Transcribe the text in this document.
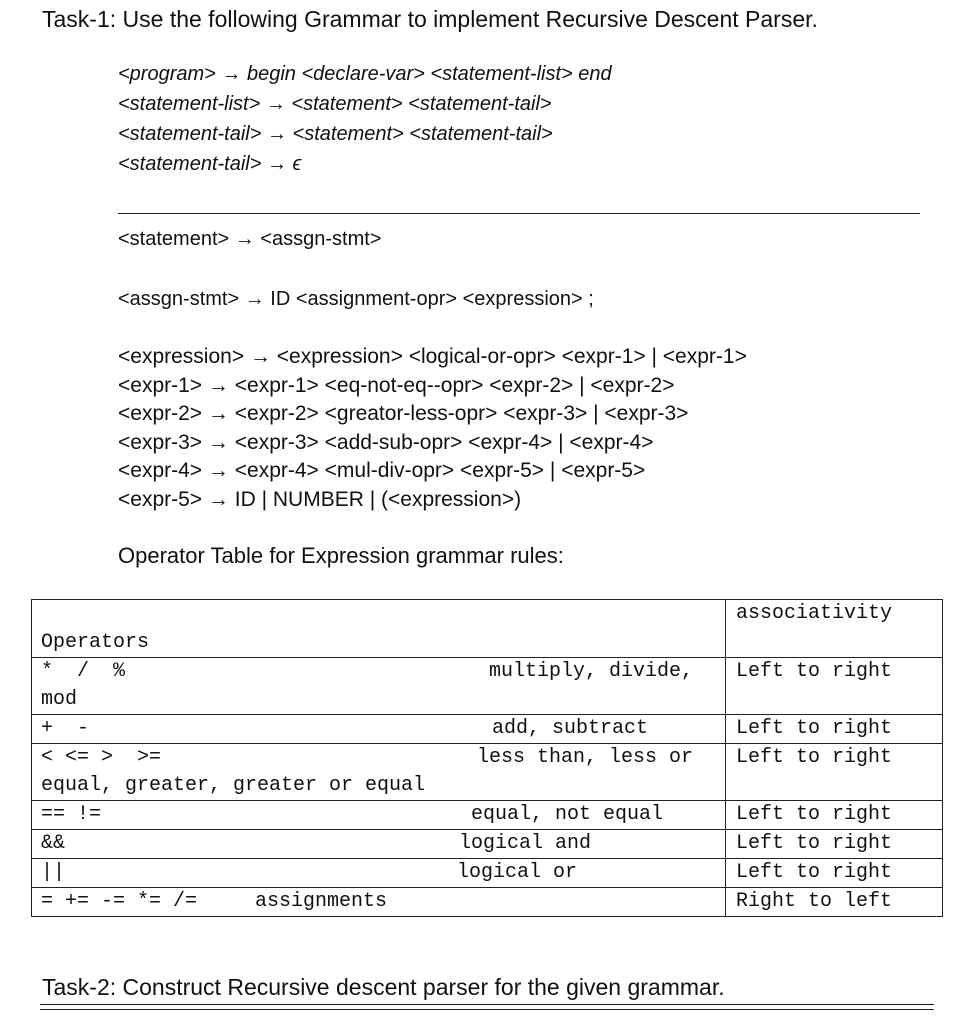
Task-1: Use the following Grammar to implement Recursive Descent Parser.
<program> → begin <declare-var> <statement-list> end
<statement-list> → <statement> <statement-tail>
<statement-tail> → <statement> <statement-tail>
<statement-tail> → ϵ
<statement> → <assgn-stmt>
<assgn-stmt> → ID <assignment-opr> <expression> ;
<expression> → <expression> <logical-or-opr> <expr-1> | <expr-1>
<expr-1> → <expr-1> <eq-not-eq--opr> <expr-2> | <expr-2>
<expr-2> → <expr-2> <greator-less-opr> <expr-3> | <expr-3>
<expr-3> → <expr-3> <add-sub-opr> <expr-4> | <expr-4>
<expr-4> → <expr-4> <mul-div-opr> <expr-5> | <expr-5>
<expr-5> → ID | NUMBER | (<expression>)
Operator Table for Expression grammar rules:
Operators	associativity

*  /  % multiply, divide,
mod	Left to right

+  - add, subtract	Left to right

< <= >  >= less than, less or
equal, greater, greater or equal	Left to right

== != equal, not equal	Left to right

&& logical and	Left to right

|| logical or	Left to right
= += -= *= /= assignments	Right to left
Task-2: Construct Recursive descent parser for the given grammar.
